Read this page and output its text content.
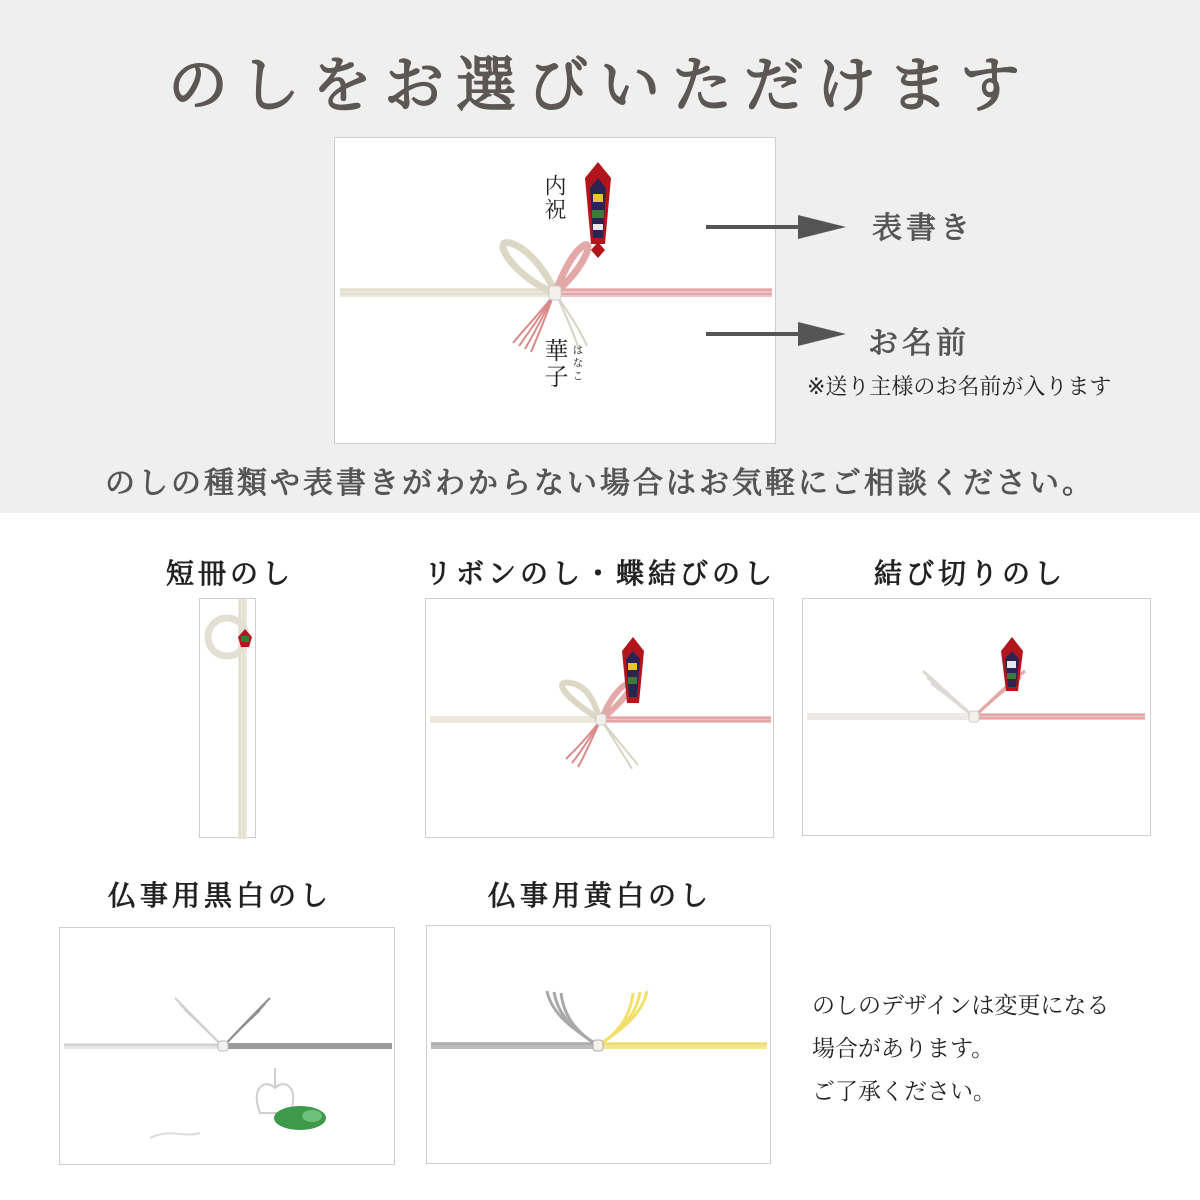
のしをお選びいただけます
内祝
華子 はなこ
表書き
お名前
※送り主様のお名前が入ります
のしの種類や表書きがわからない場合はお気軽にご相談ください。
短冊のし	リボンのし・蝶結びのし	結び切りのし
仏事用黒白のし	仏事用黄白のし
のしのデザインは変更になる
場合があります。
ご了承ください。
